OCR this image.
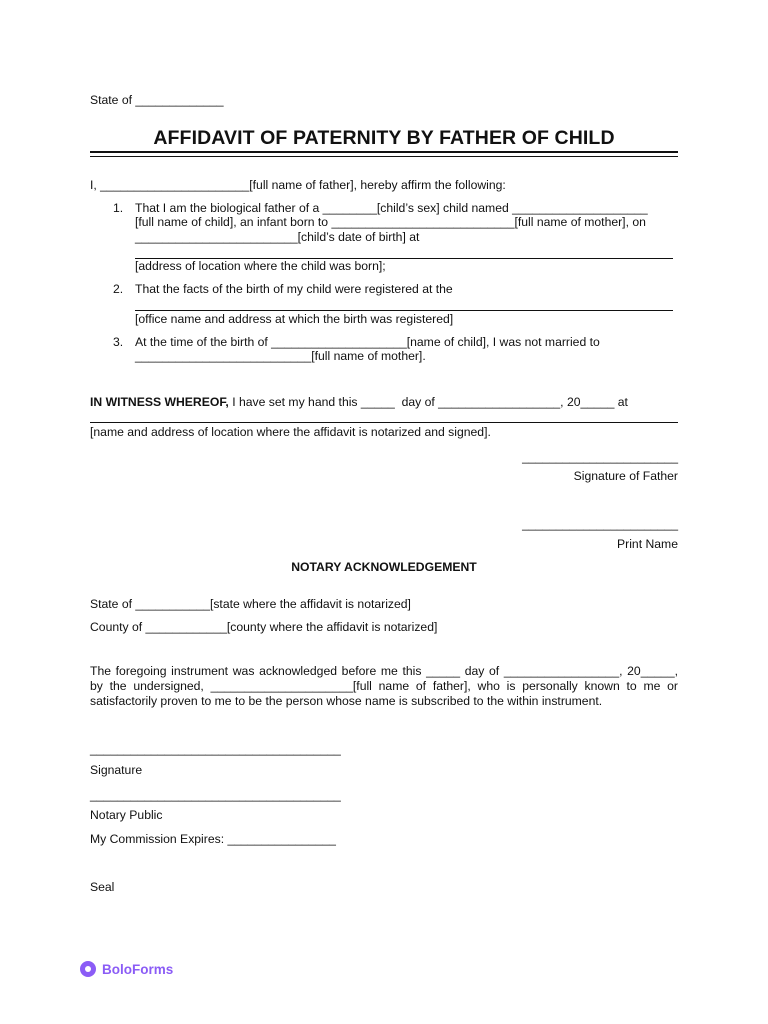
State of _____________
AFFIDAVIT OF PATERNITY BY FATHER OF CHILD
I, ______________________[full name of father], hereby affirm the following:
1. That I am the biological father of a ________[child’s sex] child named ____________________
[full name of child], an infant born to ___________________________[full name of mother], on
________________________[child’s date of birth] at
[address of location where the child was born];
2. That the facts of the birth of my child were registered at the
[office name and address at which the birth was registered]
3. At the time of the birth of ____________________[name of child], I was not married to
__________________________[full name of mother].
IN WITNESS WHEREOF, I have set my hand this _____  day of __________________, 20_____ at
[name and address of location where the affidavit is notarized and signed].
_______________________
Signature of Father
_______________________
Print Name
NOTARY ACKNOWLEDGEMENT
State of ___________[state where the affidavit is notarized]
County of ____________[county where the affidavit is notarized]
The foregoing instrument was acknowledged before me this _____ day of _________________, 20_____,
by the undersigned, _____________________[full name of father], who is personally known to me or
satisfactorily proven to me to be the person whose name is subscribed to the within instrument.
_____________________________________
Signature
_____________________________________
Notary Public
My Commission Expires: ________________
Seal
BoloForms
